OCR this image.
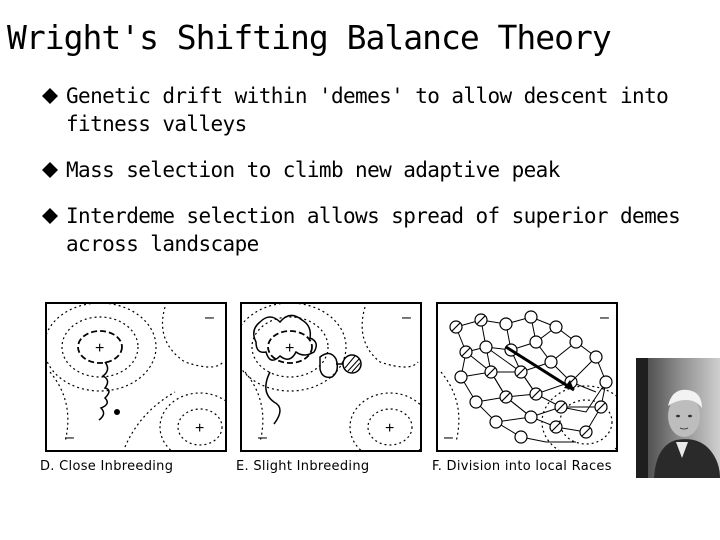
Wright's Shifting Balance Theory
Genetic drift within 'demes' to allow descent into fitness valleys
Mass selection to climb new adaptive peak
Interdeme selection allows spread of superior demes across landscape
+
+
–
–
D. Close Inbreeding
+
+
–
–
E. Slight Inbreeding
–
–
F. Division into local Races
